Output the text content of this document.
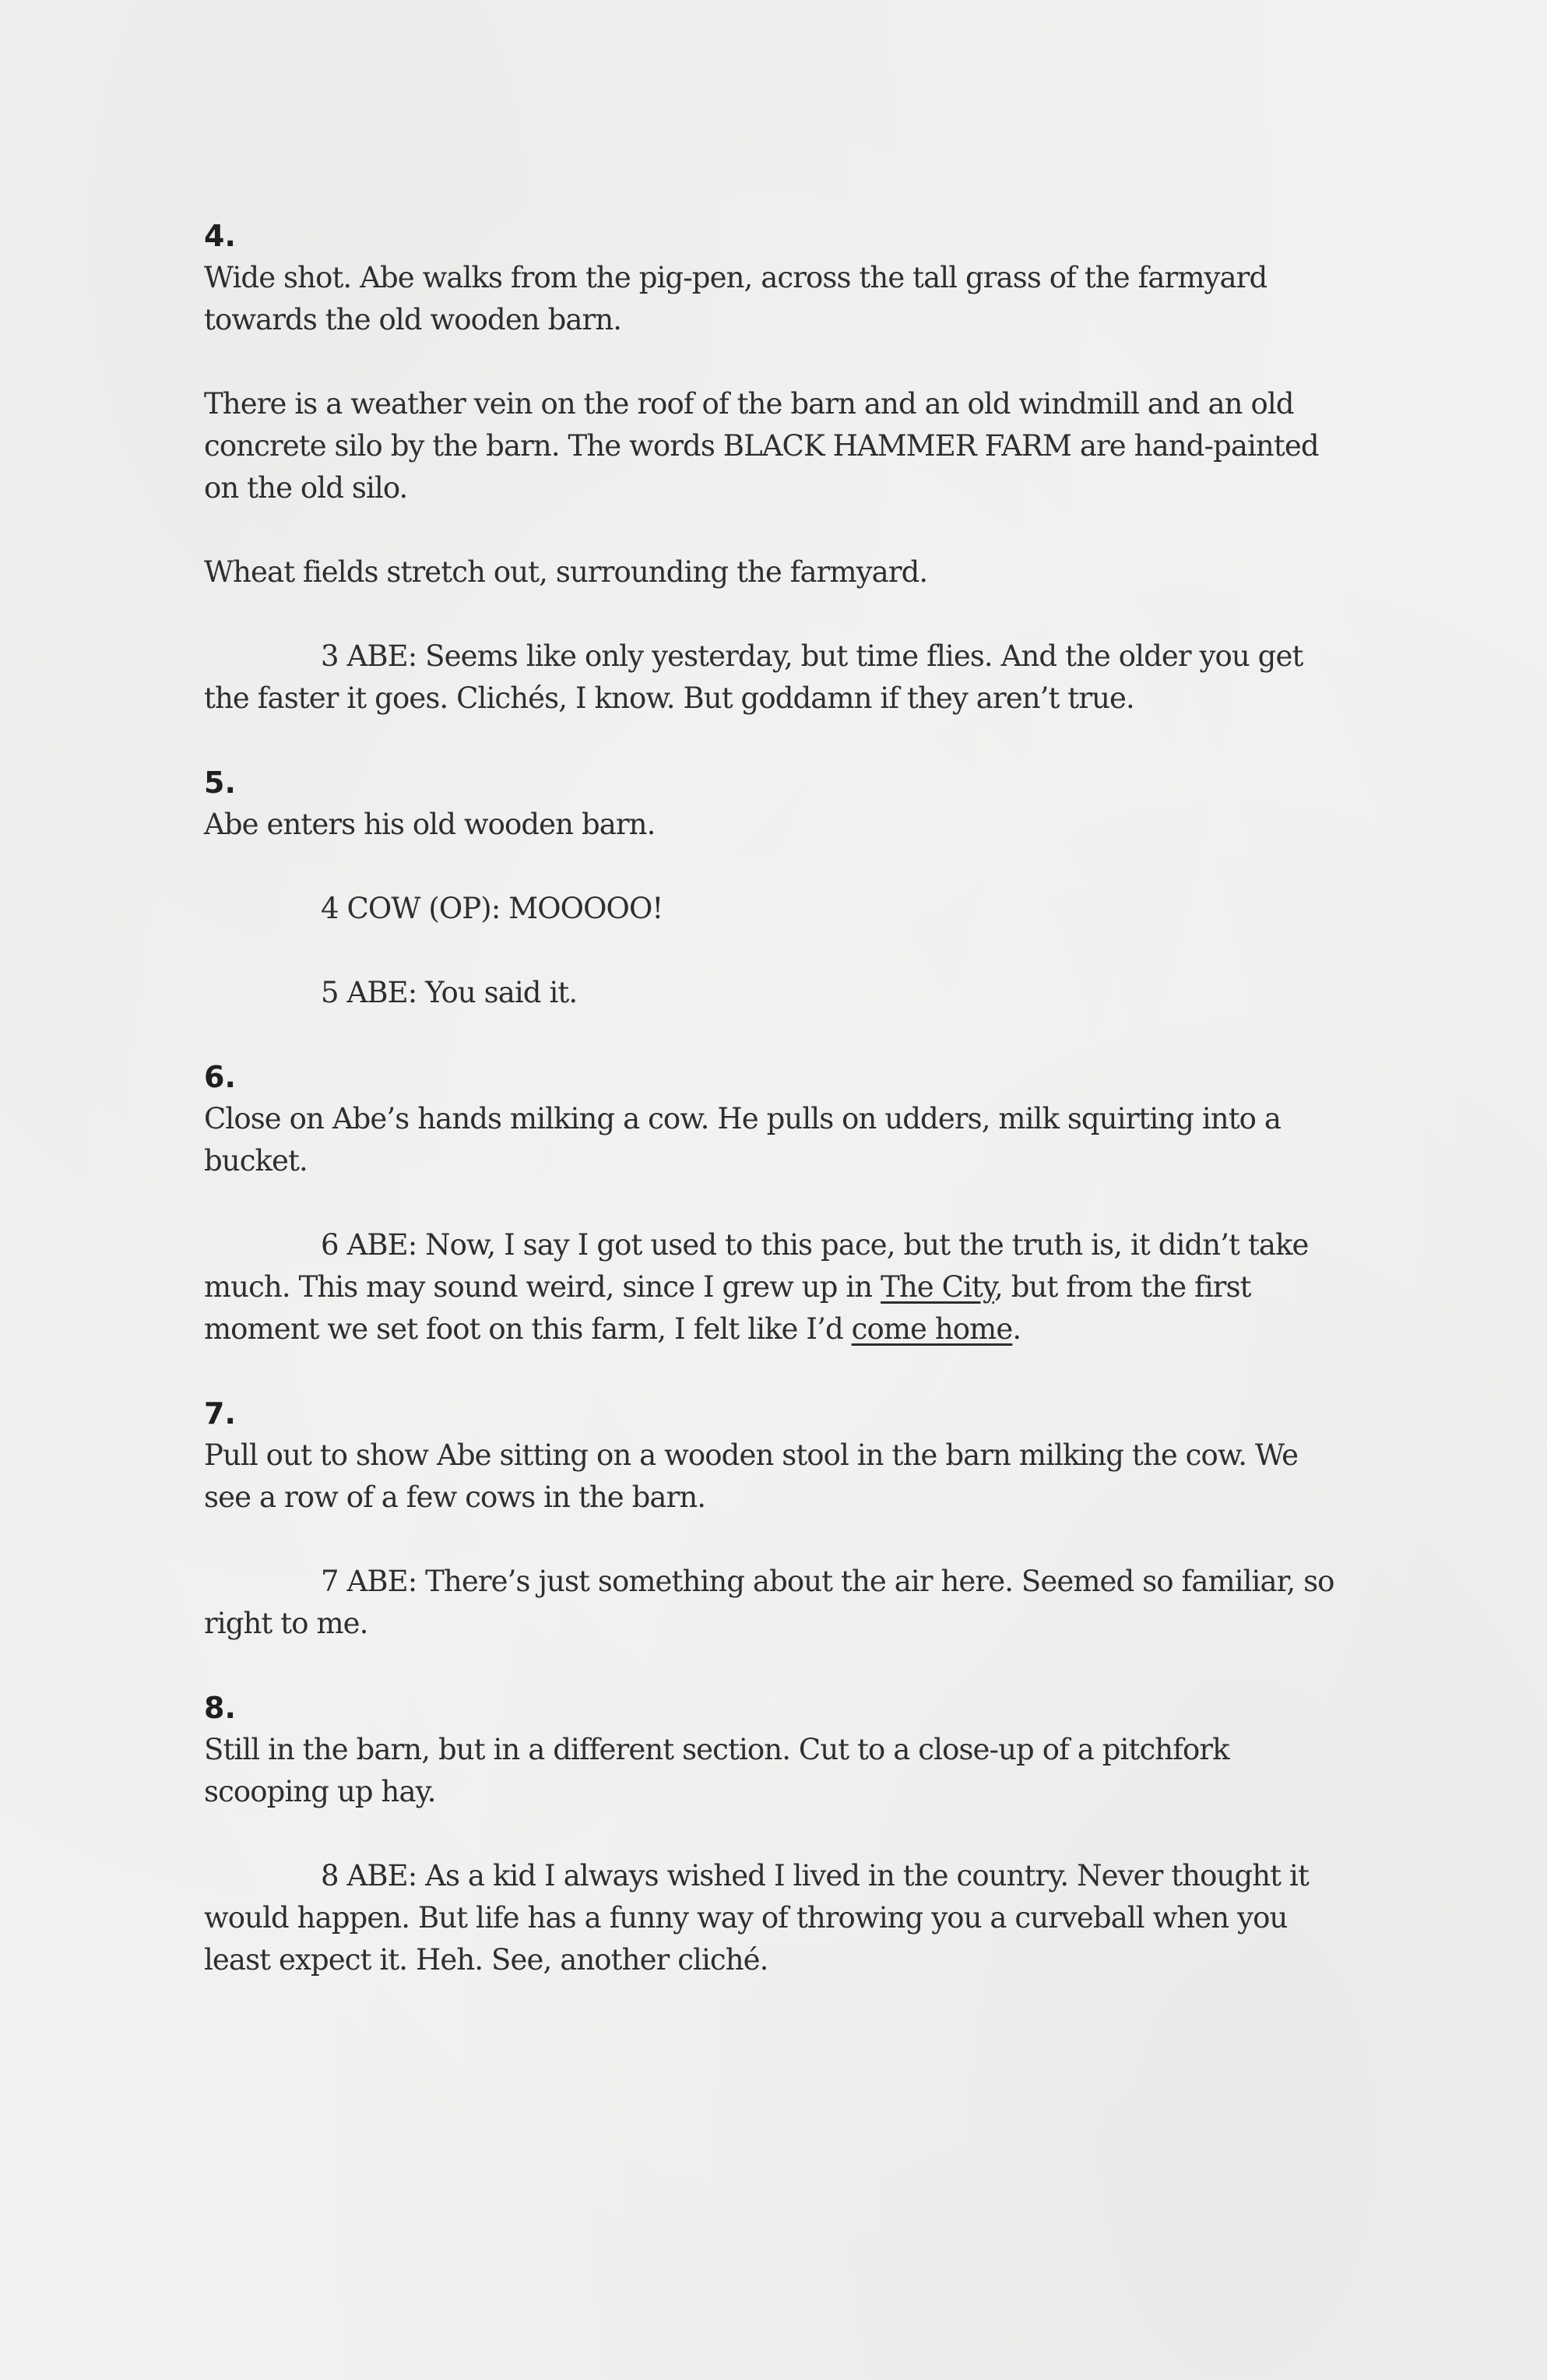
4.

Wide shot. Abe walks from the pig-pen, across the tall grass of the farmyard towards the old wooden barn.

There is a weather vein on the roof of the barn and an old windmill and an old concrete silo by the barn. The words BLACK HAMMER FARM are hand-painted on the old silo.

Wheat fields stretch out, surrounding the farmyard.

3 ABE: Seems like only yesterday, but time flies. And the older you get the faster it goes. Clichés, I know. But goddamn if they aren’t true.

5.

Abe enters his old wooden barn.

4 COW (OP): MOOOOO!

5 ABE: You said it.

6.

Close on Abe’s hands milking a cow. He pulls on udders, milk squirting into a bucket.

6 ABE: Now, I say I got used to this pace, but the truth is, it didn’t take much. This may sound weird, since I grew up in The City, but from the first moment we set foot on this farm, I felt like I’d come home.

7.

Pull out to show Abe sitting on a wooden stool in the barn milking the cow. We see a row of a few cows in the barn.

7 ABE: There’s just something about the air here. Seemed so familiar, so right to me.

8.

Still in the barn, but in a different section. Cut to a close-up of a pitchfork scooping up hay.

8 ABE: As a kid I always wished I lived in the country. Never thought it would happen. But life has a funny way of throwing you a curveball when you least expect it. Heh. See, another cliché.
